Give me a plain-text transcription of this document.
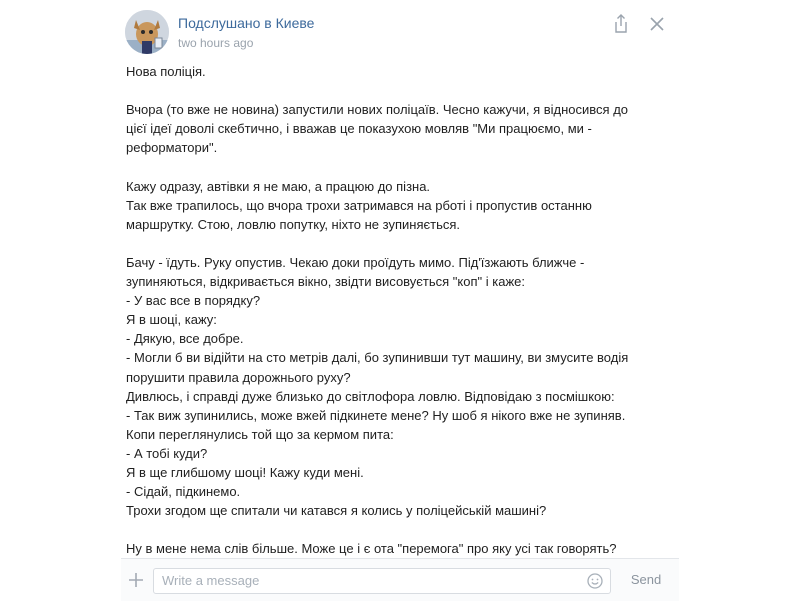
Подслушано в Киеве
two hours ago

Нова поліція.

Вчора (то вже не новина) запустили нових поліцаїв. Чесно кажучи, я відносився до

цієї ідеї доволі скебтично, і вважав це показухою мовляв "Ми працюємо, ми -

реформатори".

Кажу одразу, автівки я не маю, а працюю до пізна.

Так вже трапилось, що вчора трохи затримався на рботі і пропустив останню

маршрутку. Стою, ловлю попутку, ніхто не зупиняється.

Бачу - їдуть. Руку опустив. Чекаю доки проїдуть мимо. Під'їзжають ближче -

зупиняються, відкривається вікно, звідти висовується "коп" і каже:

- У вас все в порядку?

Я в шоці, кажу:

- Дякую, все добре.

- Могли б ви відійти на сто метрів далі, бо зупинивши тут машину, ви змусите водія

порушити правила дорожнього руху?

Дивлюсь, і справді дуже близько до світлофора ловлю. Відповідаю з посмішкою:

- Так виж зупинились, може вжей підкинете мене? Ну шоб я нікого вже не зупиняв.

Копи переглянулись той що за кермом пита:

- А тобі куди?

Я в ще глибшому шоці! Кажу куди мені.

- Сідай, підкинемо.

Трохи згодом ще спитали чи катався я колись у поліцейській машині?

Ну в мене нема слів більше. Може це і є ота "перемога" про яку усі так говорять?

Write a message
Send
